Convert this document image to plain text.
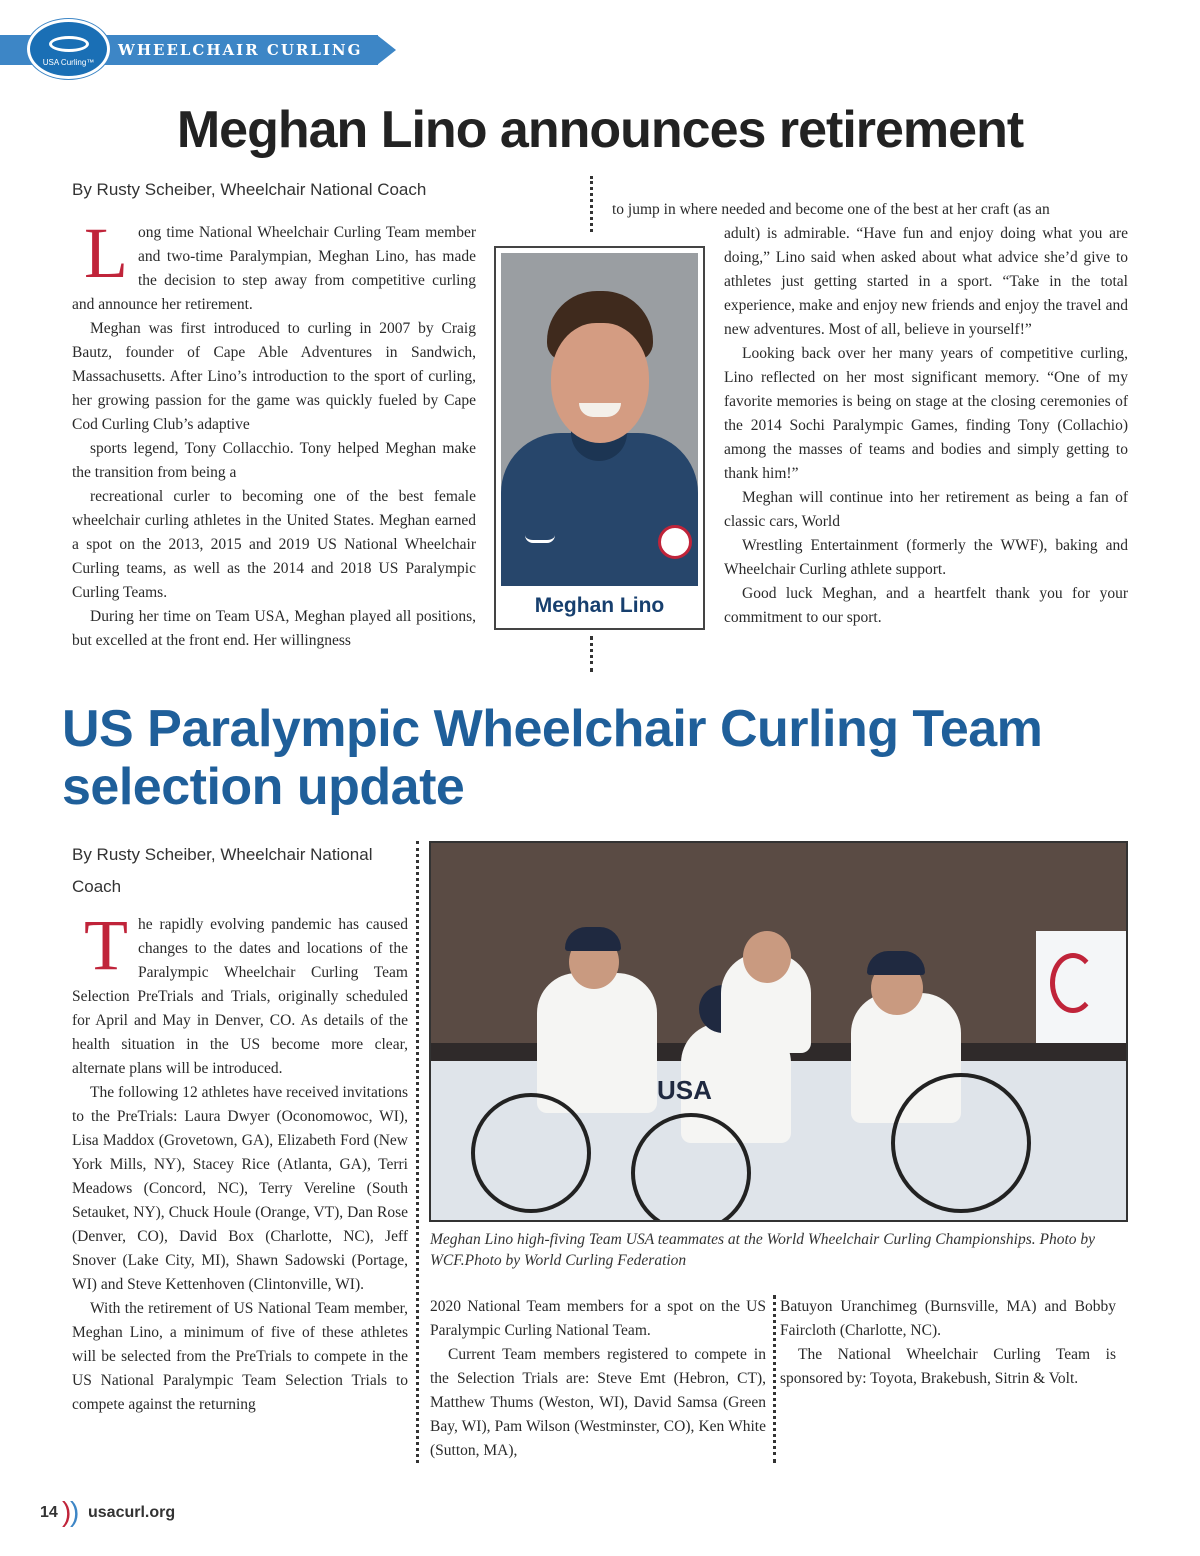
WHEELCHAIR CURLING
USA Curling™
Meghan Lino announces retirement
By Rusty Scheiber, Wheelchair National Coach
L ong time National Wheelchair Curling Team member and two-time Paralympian, Meghan Lino, has made the decision to step away from competitive curling and announce her retirement.

Meghan was first introduced to curling in 2007 by Craig Bautz, founder of Cape Able Adventures in Sandwich, Massachusetts. After Lino’s introduction to the sport of curling, her growing passion for the game was quickly fueled by Cape Cod Curling Club’s adaptive

sports legend, Tony Collacchio. Tony helped Meghan make the transition from being a

recreational curler to becoming one of the best female wheelchair curling athletes in the United States. Meghan earned a spot on the 2013, 2015 and 2019 US National Wheelchair Curling teams, as well as the 2014 and 2018 US Paralympic Curling Teams.

During her time on Team USA, Meghan played all positions, but excelled at the front end. Her willingness

to jump in where needed and become one of the best at her craft (as an

Meghan Lino

adult) is admirable. “Have fun and enjoy doing what you are doing,” Lino said when asked about what advice she’d give to athletes just getting started in a sport. “Take in the total experience, make and enjoy new friends and enjoy the travel and new adventures. Most of all, believe in yourself!”

Looking back over her many years of competitive curling, Lino reflected on her most significant memory. “One of my favorite memories is being on stage at the closing ceremonies of the 2014 Sochi Paralympic Games, finding Tony (Collachio) among the masses of teams and bodies and simply getting to thank him!”

Meghan will continue into her retirement as being a fan of classic cars, World

Wrestling Entertainment (formerly the WWF), baking and Wheelchair Curling athlete support.

Good luck Meghan, and a heartfelt thank you for your commitment to our sport.

US Paralympic Wheelchair Curling Team selection update
By Rusty Scheiber, Wheelchair National
Coach
T he rapidly evolving pandemic has caused changes to the dates and locations of the Paralympic Wheelchair Curling Team Selection PreTrials and Trials, originally scheduled for April and May in Denver, CO. As details of the health situation in the US become more clear, alternate plans will be introduced.

The following 12 athletes have received invitations to the PreTrials: Laura Dwyer (Oconomowoc, WI), Lisa Maddox (Grovetown, GA), Elizabeth Ford (New York Mills, NY), Stacey Rice (Atlanta, GA), Terri Meadows (Concord, NC), Terry Vereline (South Setauket, NY), Chuck Houle (Orange, VT), Dan Rose (Denver, CO), David Box (Charlotte, NC), Jeff Snover (Lake City, MI), Shawn Sadowski (Portage, WI) and Steve Kettenhoven (Clintonville, WI).

With the retirement of US National Team member, Meghan Lino, a minimum of five of these athletes will be selected from the PreTrials to compete in the US National Paralympic Team Selection Trials to compete against the returning

USA
Meghan Lino high-fiving Team USA teammates at the World Wheelchair Curling Championships. Photo by WCF.Photo by World Curling Federation

2020 National Team members for a spot on the US Paralympic Curling National Team.

Current Team members registered to compete in the Selection Trials are: Steve Emt (Hebron, CT), Matthew Thums (Weston, WI), David Samsa (Green Bay, WI), Pam Wilson (Westminster, CO), Ken White (Sutton, MA),

Batuyon Uranchimeg (Burnsville, MA) and Bobby Faircloth (Charlotte, NC).

The National Wheelchair Curling Team is sponsored by: Toyota, Brakebush, Sitrin & Volt.

14 )
) usacurl.org
